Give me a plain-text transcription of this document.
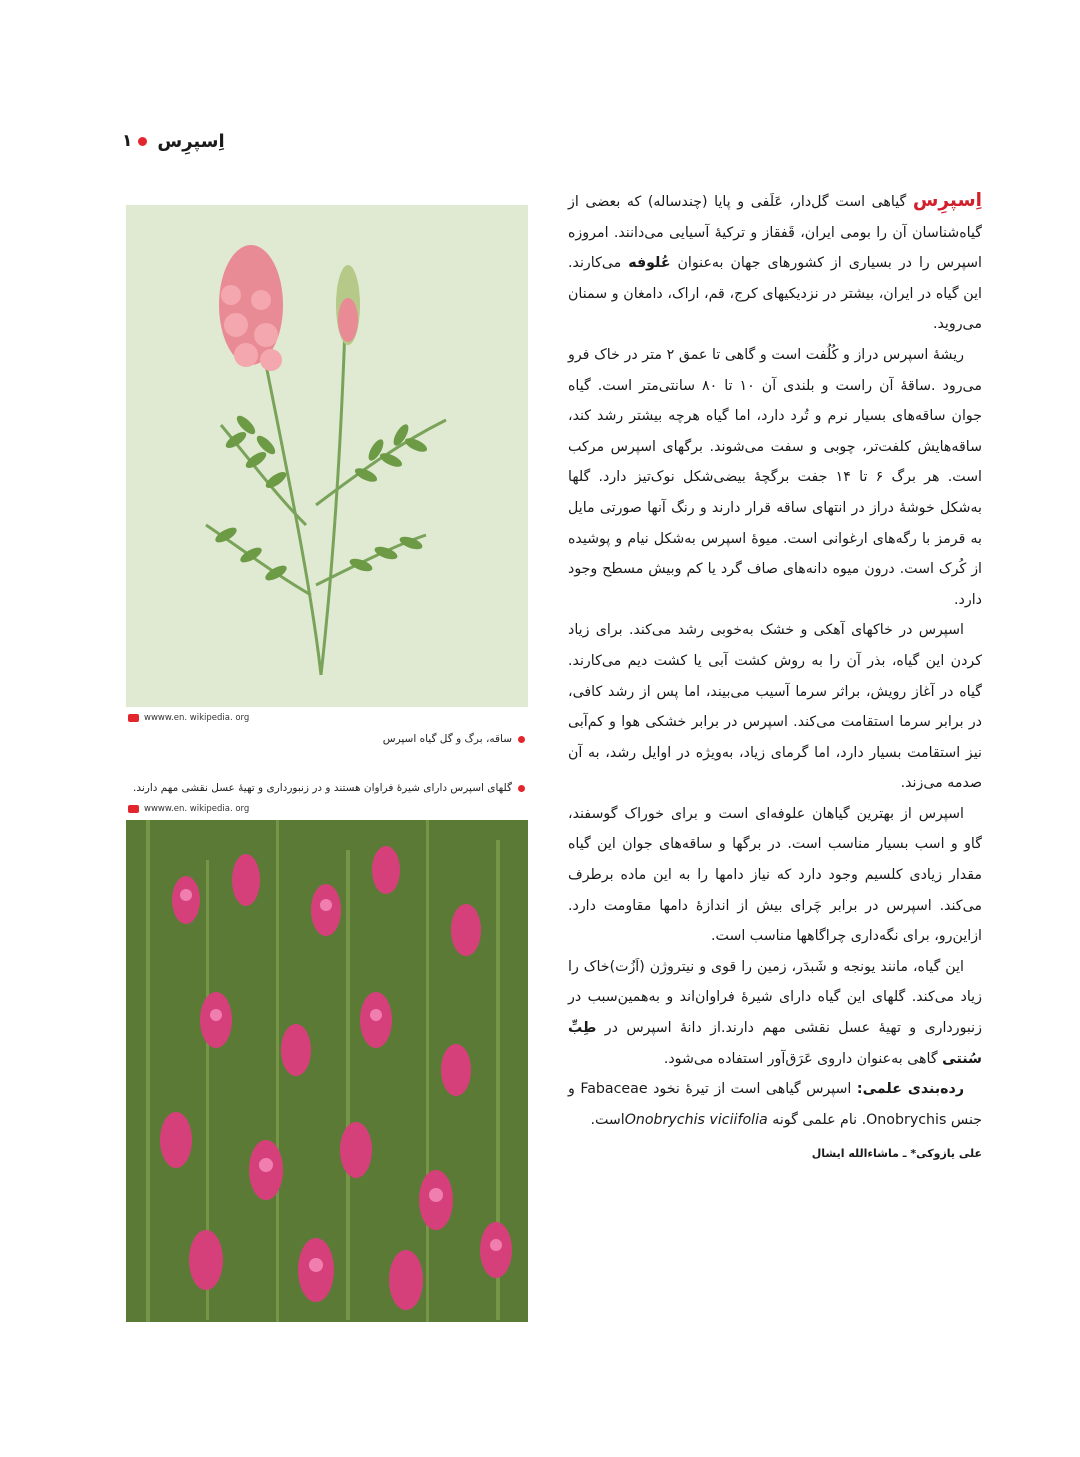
۱ اِسپرِس

اِسپرِس گیاهی است گل‌دار، عَلَفی و پایا (چندساله) که بعضی از گیاه‌شناسان آن را بومی ایران، قَفقاز و ترکیهٔ آسیایی می‌دانند. امروزه اسپرس را در بسیاری از کشورهای جهان به‌عنوان عُلوفه می‌کارند. این گیاه در ایران، بیشتر در نزدیکیهای کرج، قم، اراک، دامغان و سمنان می‌روید.

ریشهٔ اسپرس دراز و کُلُفت است و گاهی تا عمق ۲ متر در خاک فرو می‌رود .ساقهٔ آن راست و بلندی آن ۱۰ تا ۸۰ سانتی‌متر است. گیاه جوان ساقه‌های بسیار نرم و تُرد دارد، اما گیاه هرچه بیشتر رشد کند، ساقه‌هایش کلفت‌تر، چوبی و سفت می‌شوند. برگهای اسپرس مرکب است. هر برگ ۶ تا ۱۴ جفت برگچهٔ بیضی‌شکل نوک‌تیز دارد. گلها به‌شکل خوشهٔ دراز در انتهای ساقه قرار دارند و رنگ آنها صورتی مایل به قرمز با رگه‌های ارغوانی است. میوهٔ اسپرس به‌شکل نیام و پوشیده از کُرک است. درون میوه دانه‌های صاف گرد یا کم وبیش مسطح وجود دارد.

اسپرس در خاکهای آهکی و خشک به‌خوبی رشد می‌کند. برای زیاد کردن این گیاه، بذر آن را به روش کشت آبی یا کشت دیم می‌کارند. گیاه در آغاز رویش، براثر سرما آسیب می‌بیند، اما پس از رشد کافی، در برابر سرما استقامت می‌کند. اسپرس در برابر خشکی هوا و کم‌آبی نیز استقامت بسیار دارد، اما گرمای زیاد، به‌ویژه در اوایل رشد، به آن صدمه می‌زند.

اسپرس از بهترین گیاهان علوفه‌ای است و برای خوراک گوسفند، گاو و اسب بسیار مناسب است. در برگها و ساقه‌های جوان این گیاه مقدار زیادی کلسیم وجود دارد که نیاز دامها را به این ماده برطرف می‌کند. اسپرس در برابر چَرای بیش از اندازهٔ دامها مقاومت دارد. ازاین‌رو، برای نگه‌داری چراگاهها مناسب است.

این گیاه، مانند یونجه و شَبدَر، زمین را قوی و نیتروژن (اَزُت)خاک را زیاد می‌کند. گلهای این گیاه دارای شیرهٔ فراوان‌اند و به‌همین‌سبب در زنبورداری و تهیهٔ عسل نقشی مهم دارند.از دانهٔ اسپرس در طِبِّ سُنتی گاهی به‌عنوان داروی عَرَق‌آور استفاده می‌شود.

رده‌بندی علمی: اسپرس گیاهی است از تیرهٔ نخود Fabaceae و جنس Onobrychis. نام علمی گونه Onobrychis viciifoliaاست.

علی یازوکی* ـ ماشاءالله ایشال
wwww.en. wikipedia. org
ساقه، برگ و گل گیاه اسپرس
گلهای اسپرس دارای شیرهٔ فراوان هستند و در زنبورداری و تهیهٔ عسل نقشی مهم دارند.
wwww.en. wikipedia. org
